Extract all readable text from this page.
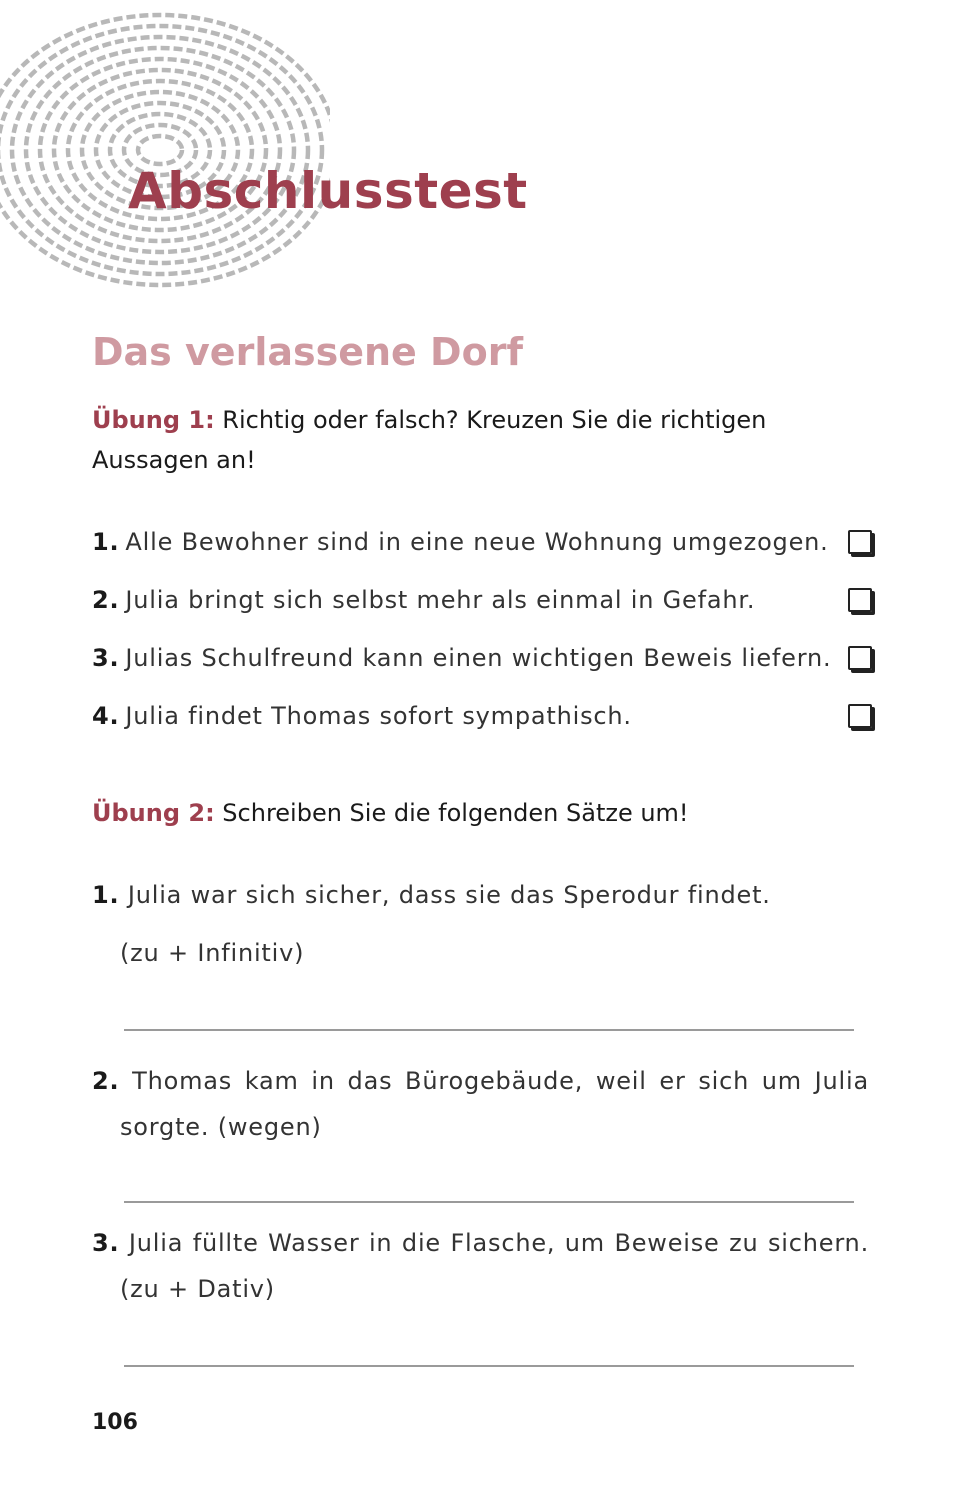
Abschlusstest
Das verlassene Dorf

Übung 1: Richtig oder falsch? Kreuzen Sie die richtigen Aussagen an!

1. Alle Bewohner sind in eine neue Wohnung umgezogen.
2. Julia bringt sich selbst mehr als einmal in Gefahr.
3. Julias Schulfreund kann einen wichtigen Beweis liefern.
4. Julia findet Thomas sofort sympathisch.

Übung 2: Schreiben Sie die folgenden Sätze um!

1. Julia war sich sicher, dass sie das Sperodur findet.
(zu + Infinitiv)
2. Thomas kam in das Bürogebäude, weil er sich um Julia sorgte. (wegen)
3. Julia füllte Wasser in die Flasche, um Beweise zu sichern. (zu + Dativ)
106
